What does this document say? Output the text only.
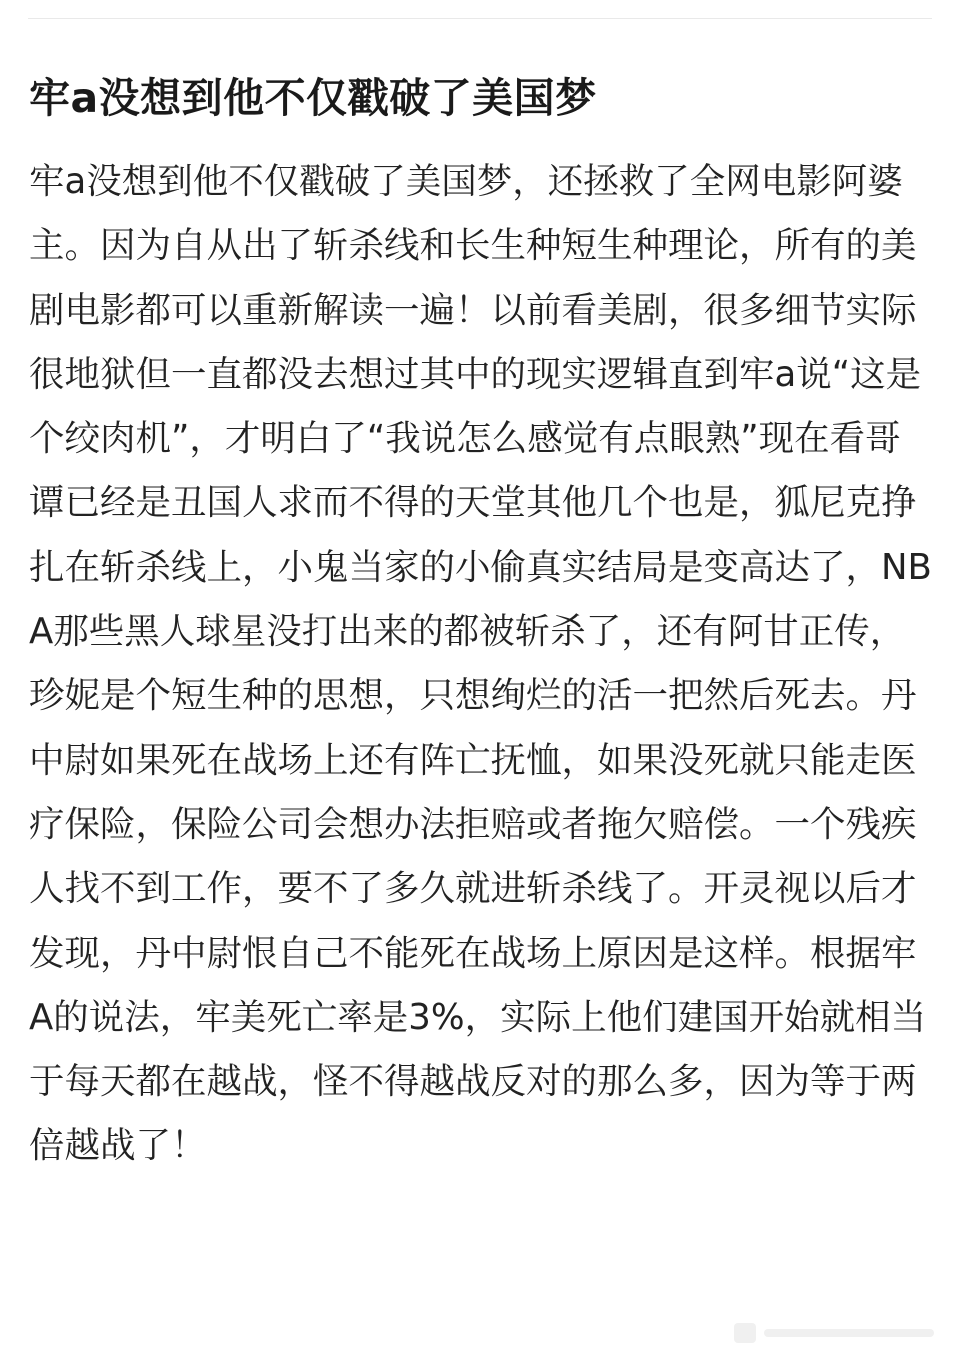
牢a没想到他不仅戳破了美国梦

牢a没想到他不仅戳破了美国梦，还拯救了全网电影阿婆主。因为自从出了斩杀线和长生种短生种理论，所有的美剧电影都可以重新解读一遍！以前看美剧，很多细节实际很地狱但一直都没去想过其中的现实逻辑直到牢a说“这是个绞肉机”，才明白了“我说怎么感觉有点眼熟”现在看哥谭已经是丑国人求而不得的天堂其他几个也是，狐尼克挣扎在斩杀线上，小鬼当家的小偷真实结局是变高达了，NBA那些黑人球星没打出来的都被斩杀了，还有阿甘正传，珍妮是个短生种的思想，只想绚烂的活一把然后死去。丹中尉如果死在战场上还有阵亡抚恤，如果没死就只能走医疗保险，保险公司会想办法拒赔或者拖欠赔偿。一个残疾人找不到工作，要不了多久就进斩杀线了。开灵视以后才发现，丹中尉恨自己不能死在战场上原因是这样。根据牢A的说法，牢美死亡率是3%，实际上他们建国开始就相当于每天都在越战，怪不得越战反对的那么多，因为等于两倍越战了！
